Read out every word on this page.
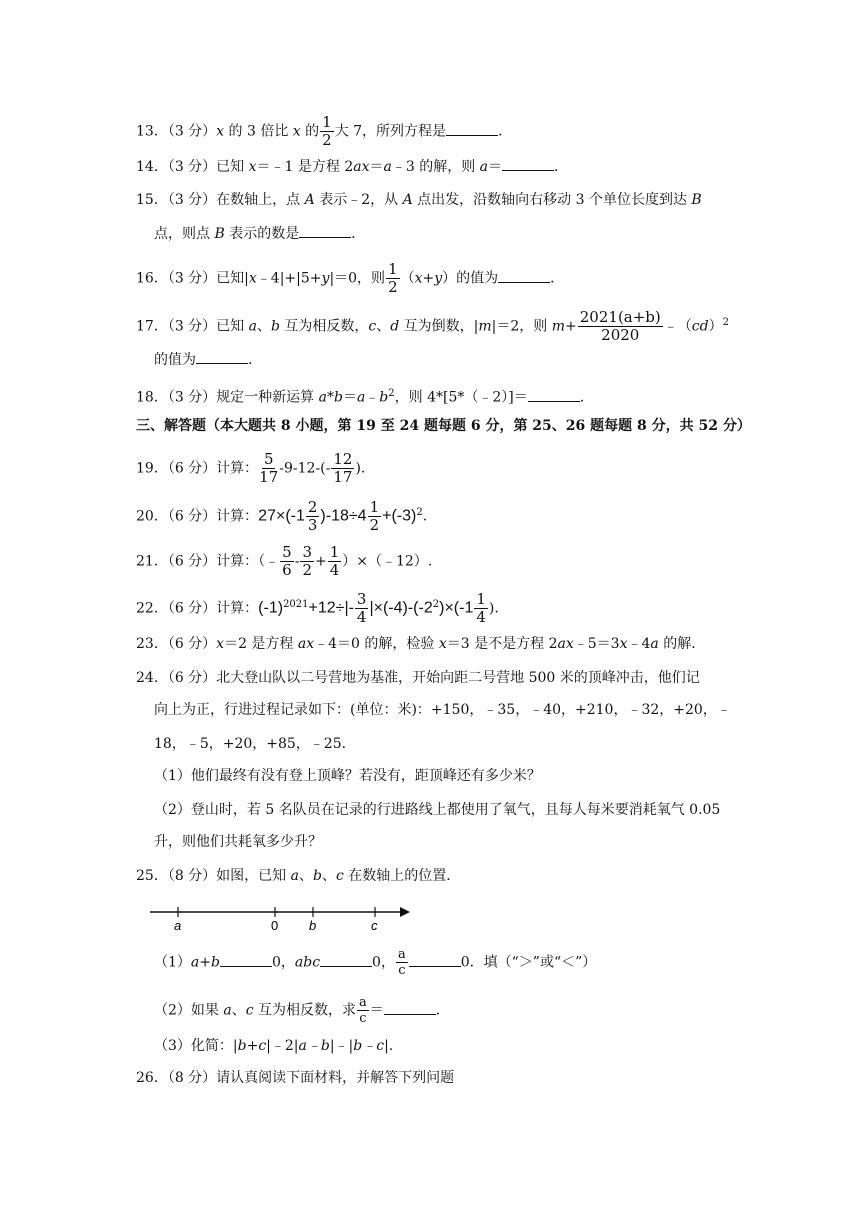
13．（3 分）x 的 3 倍比 x 的 $\frac{1}{2}$ 大 7，所列方程是	．
14．（3 分）已知 x＝﹣1 是方程 2ax＝a﹣3 的解，则 a＝	．
15．（3 分）在数轴上，点 A 表示﹣2，从 A 点出发，沿数轴向右移动 3 个单位长度到达 B
点，则点 B 表示的数是	．
16．（3 分）已知|x﹣4|+|5+y|＝0，则 $\frac{1}{2} (x+y)$的值为	．
17．（3 分）已知 a、b 互为相反数，c、d 互为倒数，|m|＝2，则 $m+ \frac{2021(a+b)}{2020}$ ﹣（cd）$^2$
的值为	．
18．（3 分）规定一种新运算 $a*b=a﹣b^2$，则 4*[5*（﹣2）]＝	．
三、解答题（本大题共 8 小题，第 19 至 24 题每题 6 分，第 25、26 题每题 8 分，共 52 分）
19．（6 分）计算： $\frac{5}{17} -9-12-(- \frac{12}{17}$ ).
20．（6 分）计算：$27\times(-1 \frac{2}{3} )-18\div 4 \frac{1}{2} +(-3)^2$.
21．（6 分）计算：（﹣ $\frac{5}{6} - \frac{3}{2} + \frac{1}{4}$ ）×（﹣12）.
22．（6 分）计算：$(-1)^{2021}+12\div|- \frac{3}{4} |\times(-4)-(-2^2)\times(-1 \frac{1}{4}$ ).
23．（6 分）x＝2 是方程 ax﹣4＝0 的解，检验 x＝3 是不是方程 2ax﹣5＝3x﹣4a 的解．
24．（6 分）北大登山队以二号营地为基准，开始向距二号营地 500 米的顶峰冲击，他们记
向上为正，行进过程记录如下：(单位：米)：+150，﹣35，﹣40，+210，﹣32，+20，﹣
18，﹣5，+20，+85，﹣25．
（1）他们最终有没有登上顶峰？若没有，距顶峰还有多少米？
（2）登山时，若 5 名队员在记录的行进路线上都使用了氧气，且每人每米要消耗氧气 0.05
升，则他们共耗氧多少升？
25．（8 分）如图，已知 a、b、c 在数轴上的位置．
a	0 b	c
（1）a+b	0，abc	0， $\frac{a}{c}$	0．填（“＞”或“＜”）
（2）如果 a、c 互为相反数，求 $\frac{a}{c}$ ＝	．
（3）化简：|b+c|﹣2|a﹣b|﹣|b﹣c|.
26．（8 分）请认真阅读下面材料，并解答下列问题
